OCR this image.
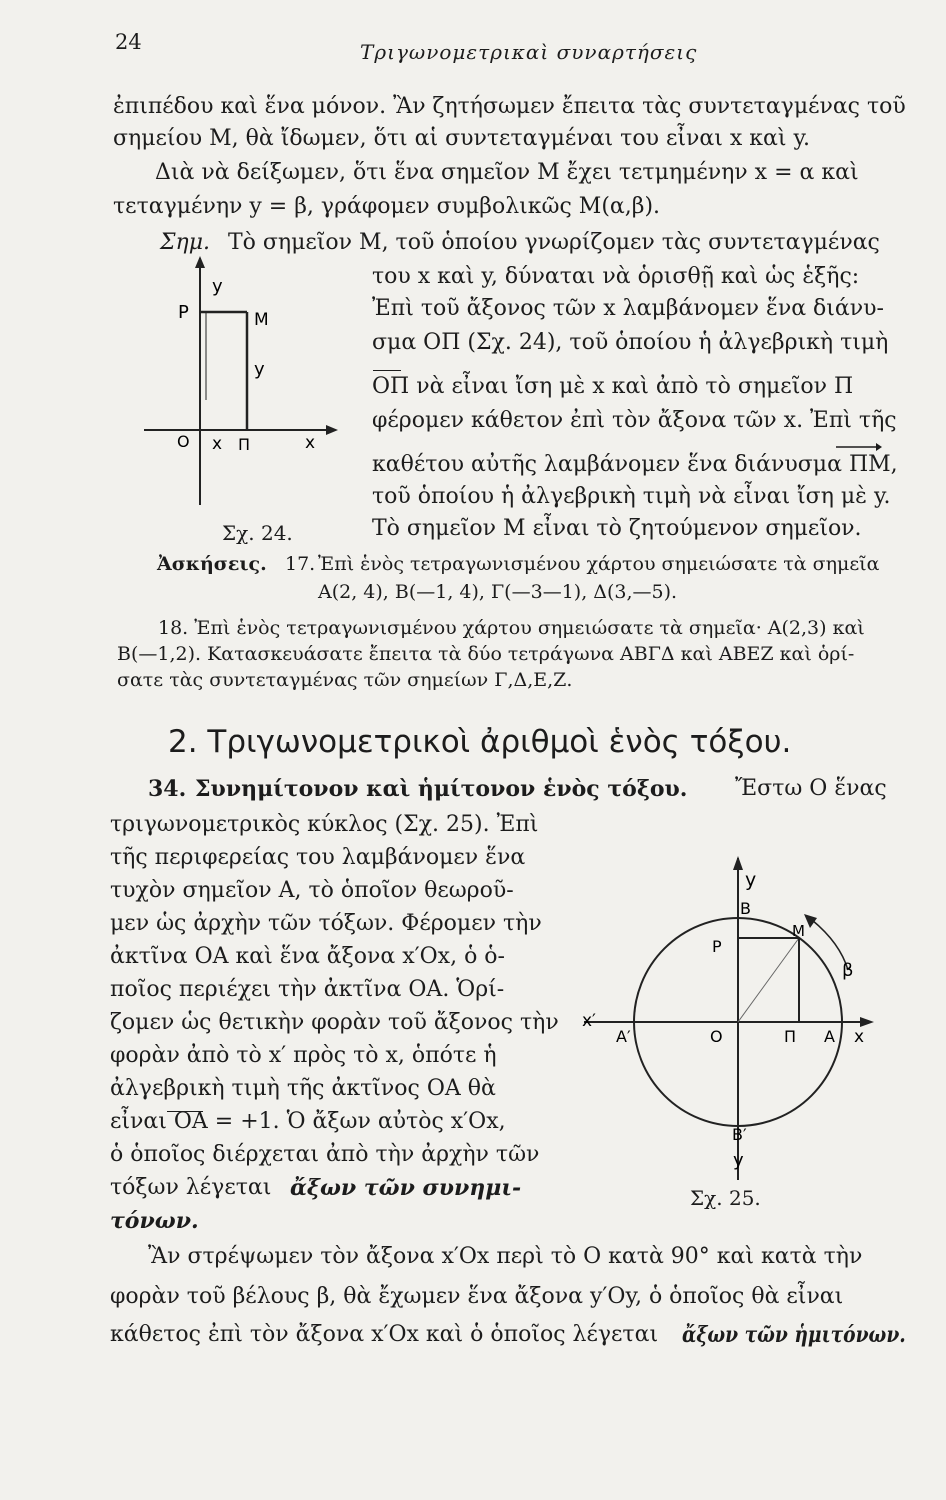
24	Τριγωνομετρικαὶ συναρτήσεις
ἐπιπέδου καὶ ἕνα μόνον. Ἂν ζητήσωμεν ἔπειτα τὰς συντεταγμένας τοῦ
σημείου Μ, θὰ ἴδωμεν, ὅτι αἱ συντεταγμέναι του εἶναι x καὶ y.
Διὰ νὰ δείξωμεν, ὅτι ἕνα σημεῖον Μ ἔχει τετμημένην x = α καὶ
τεταγμένην y = β, γράφομεν συμβολικῶς Μ(α,β).
Σημ. Τὸ σημεῖον Μ, τοῦ ὁποίου γνωρίζομεν τὰς συντεταγμένας
του x καὶ y, δύναται νὰ ὁρισθῇ καὶ ὡς ἑξῆς:
Ἐπὶ τοῦ ἄξονος τῶν x λαμβάνομεν ἕνα διάνυ-
σμα ΟΠ (Σχ. 24), τοῦ ὁποίου ἡ ἀλγεβρικὴ τιμὴ
ΟΠ νὰ εἶναι ἴση μὲ x καὶ ἀπὸ τὸ σημεῖον Π
φέρομεν κάθετον ἐπὶ τὸν ἄξονα τῶν x. Ἐπὶ τῆς
καθέτου αὐτῆς λαμβάνομεν ἕνα διάνυσμα ΠΜ,
τοῦ ὁποίου ἡ ἀλγεβρικὴ τιμὴ νὰ εἶναι ἴση μὲ y.
Τὸ σημεῖον Μ εἶναι τὸ ζητούμενον σημεῖον.
P
y
M
y
O x Π	x
Σχ. 24.
Ἀσκήσεις. 17. Ἐπὶ ἑνὸς τετραγωνισμένου χάρτου σημειώσατε τὰ σημεῖα
Α(2, 4), Β(—1, 4), Γ(—3—1), Δ(3,—5).
18. Ἐπὶ ἑνὸς τετραγωνισμένου χάρτου σημειώσατε τὰ σημεῖα· Α(2,3) καὶ
Β(—1,2). Κατασκευάσατε ἔπειτα τὰ δύο τετράγωνα ΑΒΓΔ καὶ ΑΒΕΖ καὶ ὁρί-
σατε τὰς συντεταγμένας τῶν σημείων Γ,Δ,Ε,Ζ.
2. Τριγωνομετρικοὶ ἀριθμοὶ ἑνὸς τόξου.
34. Συνημίτονον καὶ ἡμίτονον ἑνὸς τόξου. Ἔστω Ο ἕνας
τριγωνομετρικὸς κύκλος (Σχ. 25). Ἐπὶ
τῆς περιφερείας του λαμβάνομεν ἕνα
τυχὸν σημεῖον Α, τὸ ὁποῖον θεωροῦ-
μεν ὡς ἀρχὴν τῶν τόξων. Φέρομεν τὴν
ἀκτῖνα ΟΑ καὶ ἕνα ἄξονα x′Οx, ὁ ὁ-
ποῖος περιέχει τὴν ἀκτῖνα ΟΑ. Ὁρί-
ζομεν ὡς θετικὴν φορὰν τοῦ ἄξονος τὴν
φορὰν ἀπὸ τὸ x′ πρὸς τὸ x, ὁπότε ἡ
ἀλγεβρικὴ τιμὴ τῆς ἀκτῖνος ΟΑ θὰ
εἶναι ΟΑ = +1. Ὁ ἄξων αὐτὸς x′Οx,
ὁ ὁποῖος διέρχεται ἀπὸ τὴν ἀρχὴν τῶν
τόξων λέγεται ἄξων τῶν συνημι-
τόνων.
y
B
M
P
β
x′
A′	O	Π A x
B′
y
Σχ. 25.
Ἂν στρέψωμεν τὸν ἄξονα x′Οx περὶ τὸ Ο κατὰ 90° καὶ κατὰ τὴν
φορὰν τοῦ βέλους β, θὰ ἔχωμεν ἕνα ἄξονα y′Οy, ὁ ὁποῖος θὰ εἶναι
κάθετος ἐπὶ τὸν ἄξονα x′Οx καὶ ὁ ὁποῖος λέγεται ἄξων τῶν ἡμιτόνων.
